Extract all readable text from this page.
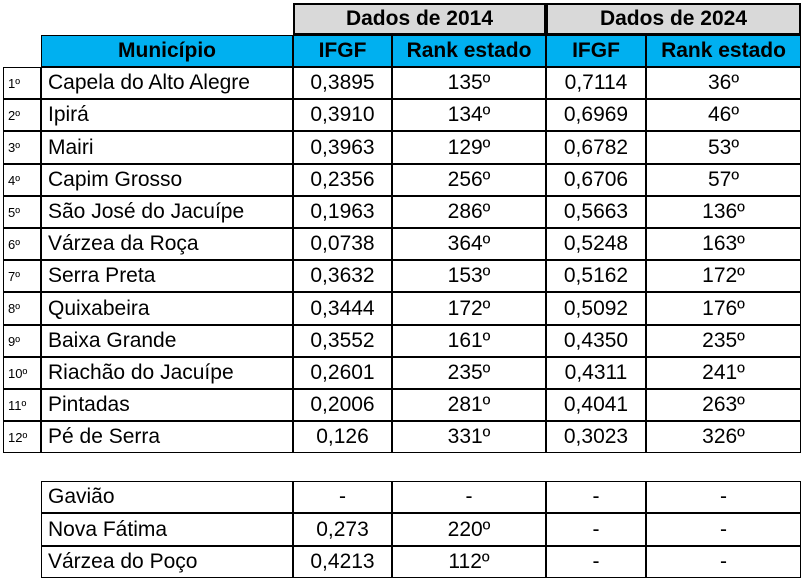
Dados de 2014	Dados de 2024
Município	IFGF	Rank estado	IFGF	Rank estado
1º	Capela do Alto Alegre	0,3895	135º	0,7114	36º
2º	Ipirá	0,3910	134º	0,6969	46º
3º	Mairi	0,3963	129º	0,6782	53º
4º	Capim Grosso	0,2356	256º	0,6706	57º
5º	São José do Jacuípe	0,1963	286º	0,5663	136º
6º	Várzea da Roça	0,0738	364º	0,5248	163º
7º	Serra Preta	0,3632	153º	0,5162	172º
8º	Quixabeira	0,3444	172º	0,5092	176º
9º	Baixa Grande	0,3552	161º	0,4350	235º
10º Riachão do Jacuípe	0,2601	235º	0,4311	241º
11º	Pintadas	0,2006	281º	0,4041	263º
12º Pé de Serra	0,126	331º	0,3023	326º
Gavião	-	-	-	-
Nova Fátima	0,273	220º	-	-
Várzea do Poço	0,4213	112º	-	-
